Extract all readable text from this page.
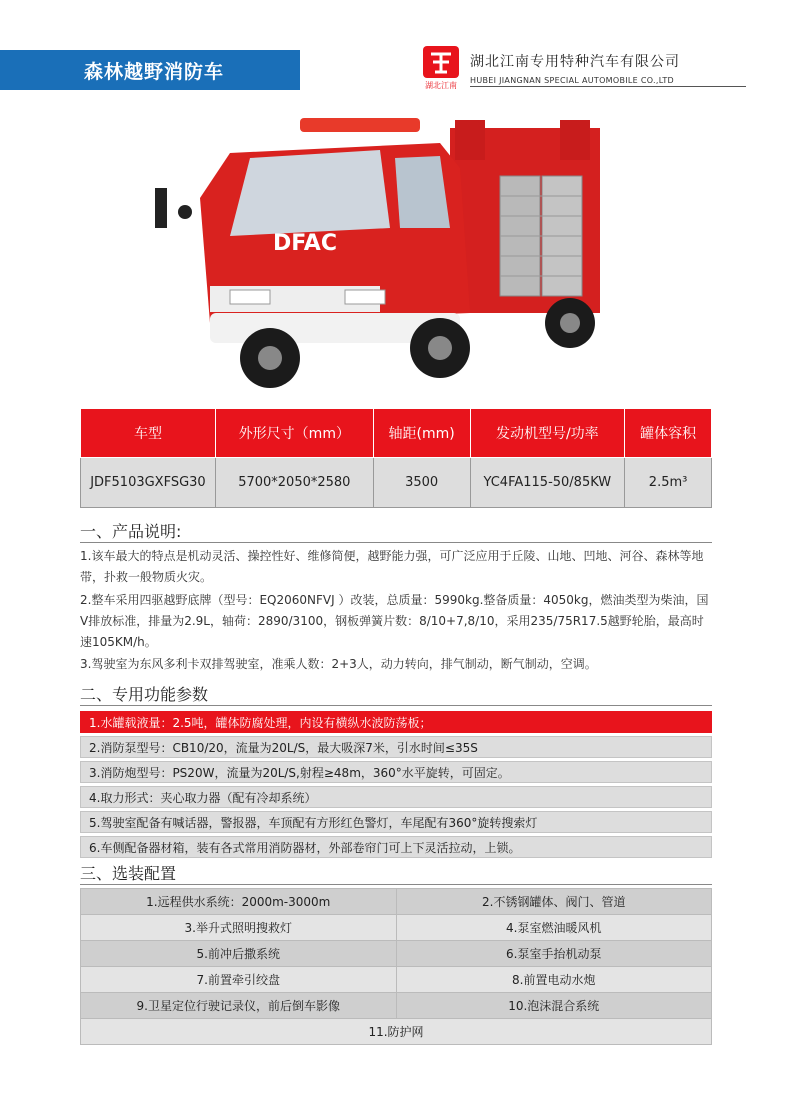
森林越野消防车
湖北江南
湖北江南专用特种汽车有限公司
HUBEI JIANGNAN SPECIAL AUTOMOBILE CO.,LTD
DFAC
车型	外形尺寸（mm）	轴距(mm)	发动机型号/功率	罐体容积
JDF5103GXFSG30	5700*2050*2580	3500	YC4FA115-50/85KW	2.5m³
一、产品说明:
1.该车最大的特点是机动灵活、操控性好、维修简便，越野能力强，可广泛应用于丘陵、山地、凹地、河谷、森林等地带，扑救一般物质火灾。
2.整车采用四驱越野底牌（型号：EQ2060NFVJ ）改装，总质量：5990kg.整备质量：4050kg，燃油类型为柴油，国V排放标准，排量为2.9L，轴荷：2890/3100，钢板弹簧片数：8/10+7,8/10，采用235/75R17.5越野轮胎，最高时速105KM/h。
3.驾驶室为东风多利卡双排驾驶室，准乘人数：2+3人，动力转向，排气制动，断气制动，空调。
二、专用功能参数
1.水罐载液量：2.5吨，罐体防腐处理，内设有横纵水波防荡板；
2.消防泵型号：CB10/20，流量为20L/S，最大吸深7米，引水时间≤35S
3.消防炮型号：PS20W，流量为20L/S,射程≥48m，360°水平旋转，可固定。
4.取力形式：夹心取力器（配有冷却系统）
5.驾驶室配备有喊话器，警报器，车顶配有方形红色警灯，车尾配有360°旋转搜索灯
6.车侧配备器材箱，装有各式常用消防器材，外部卷帘门可上下灵活拉动，上锁。
三、选装配置
1.远程供水系统：2000m-3000m	2.不锈钢罐体、阀门、管道
3.举升式照明搜救灯	4.泵室燃油暖风机
5.前冲后撒系统	6.泵室手抬机动泵
7.前置牵引绞盘	8.前置电动水炮
9.卫星定位行驶记录仪，前后倒车影像	10.泡沫混合系统
11.防护网	
